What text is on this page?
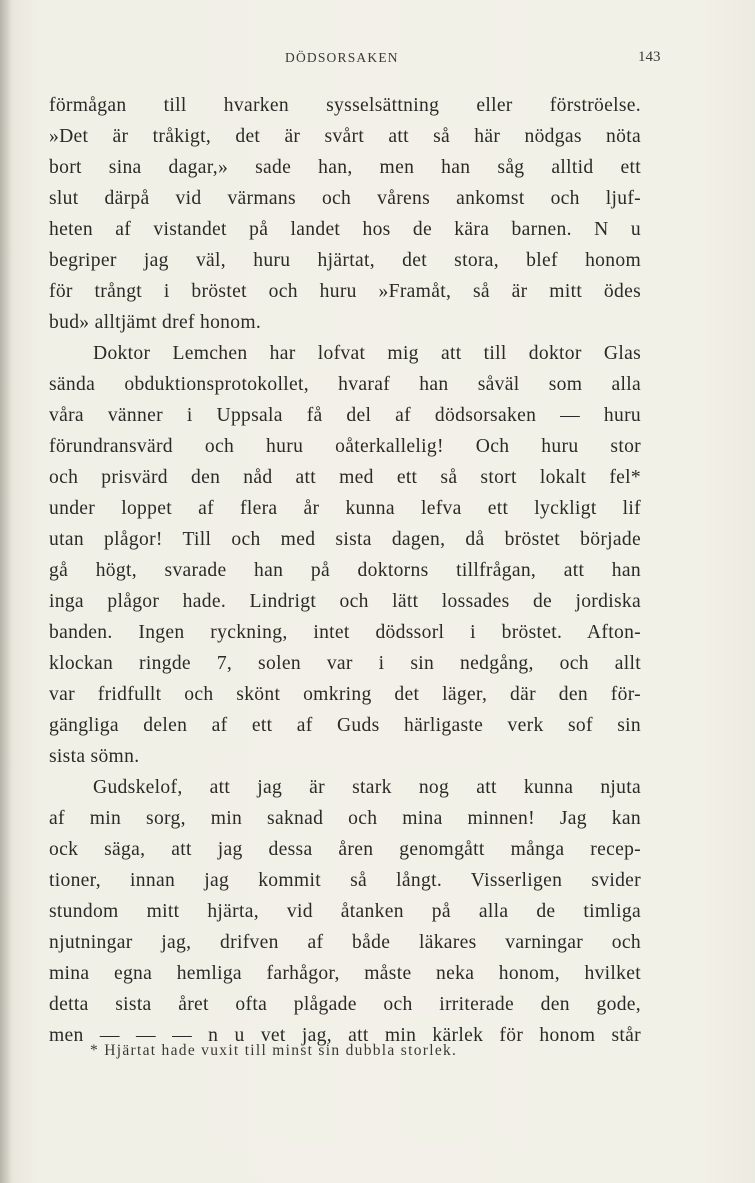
DÖDSORSAKEN	143
förmågan till hvarken sysselsättning eller förströelse.
»Det är tråkigt, det är svårt att så här nödgas nöta
bort sina dagar,» sade han, men han såg alltid ett
slut därpå vid värmans och vårens ankomst och ljuf-
heten af vistandet på landet hos de kära barnen. N u
begriper jag väl, huru hjärtat, det stora, blef honom
för trångt i bröstet och huru »Framåt, så är mitt ödes
bud» alltjämt dref honom.
Doktor Lemchen har lofvat mig att till doktor Glas
sända obduktionsprotokollet, hvaraf han såväl som alla
våra vänner i Uppsala få del af dödsorsaken — huru
förundransvärd och huru oåterkallelig! Och huru stor
och prisvärd den nåd att med ett så stort lokalt fel*
under loppet af flera år kunna lefva ett lyckligt lif
utan plågor! Till och med sista dagen, då bröstet började
gå högt, svarade han på doktorns tillfrågan, att han
inga plågor hade. Lindrigt och lätt lossades de jordiska
banden. Ingen ryckning, intet dödssorl i bröstet. Afton-
klockan ringde 7, solen var i sin nedgång, och allt
var fridfullt och skönt omkring det läger, där den för-
gängliga delen af ett af Guds härligaste verk sof sin
sista sömn.
Gudskelof, att jag är stark nog att kunna njuta
af min sorg, min saknad och mina minnen! Jag kan
ock säga, att jag dessa åren genomgått många recep-
tioner, innan jag kommit så långt. Visserligen svider
stundom mitt hjärta, vid åtanken på alla de timliga
njutningar jag, drifven af både läkares varningar och
mina egna hemliga farhågor, måste neka honom, hvilket
detta sista året ofta plågade och irriterade den gode,
men — — — n u vet jag, att min kärlek för honom står
* Hjärtat hade vuxit till minst sin dubbla storlek.
